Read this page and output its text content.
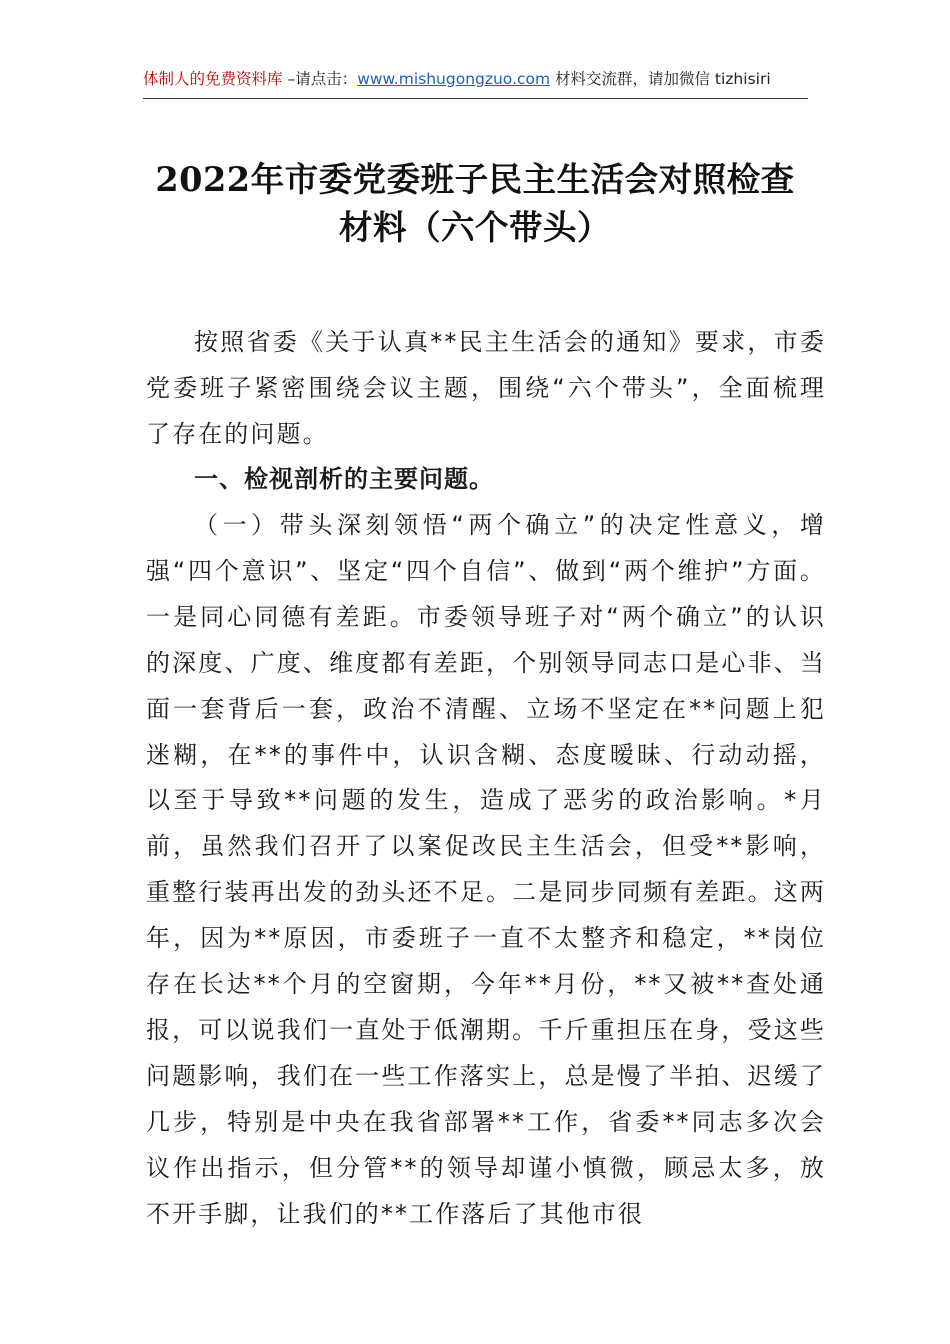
体制人的免费资料库 –请点击：www.mishugongzuo.com 材料交流群，请加微信 tizhisiri
2022年市委党委班子民主生活会对照检查
材料（六个带头）

按照省委《关于认真**民主生活会的通知》要求，市委党委班子紧密围绕会议主题，围绕“六个带头”，全面梳理了存在的问题。

一、检视剖析的主要问题。

（一）带头深刻领悟“两个确立”的决定性意义，增强“四个意识”、坚定“四个自信”、做到“两个维护”方面。一是同心同德有差距。市委领导班子对“两个确立”的认识的深度、广度、维度都有差距，个别领导同志口是心非、当面一套背后一套，政治不清醒、立场不坚定在**问题上犯迷糊，在**的事件中，认识含糊、态度暧昧、行动动摇，以至于导致**问题的发生，造成了恶劣的政治影响。*月前，虽然我们召开了以案促改民主生活会，但受**影响，重整行装再出发的劲头还不足。二是同步同频有差距。这两年，因为**原因，市委班子一直不太整齐和稳定，**岗位存在长达**个月的空窗期，今年**月份，**又被**查处通报，可以说我们一直处于低潮期。千斤重担压在身，受这些问题影响，我们在一些工作落实上，总是慢了半拍、迟缓了几步，特别是中央在我省部署**工作，省委**同志多次会议作出指示，但分管**的领导却谨小慎微，顾忌太多，放不开手脚，让我们的**工作落后了其他市很
